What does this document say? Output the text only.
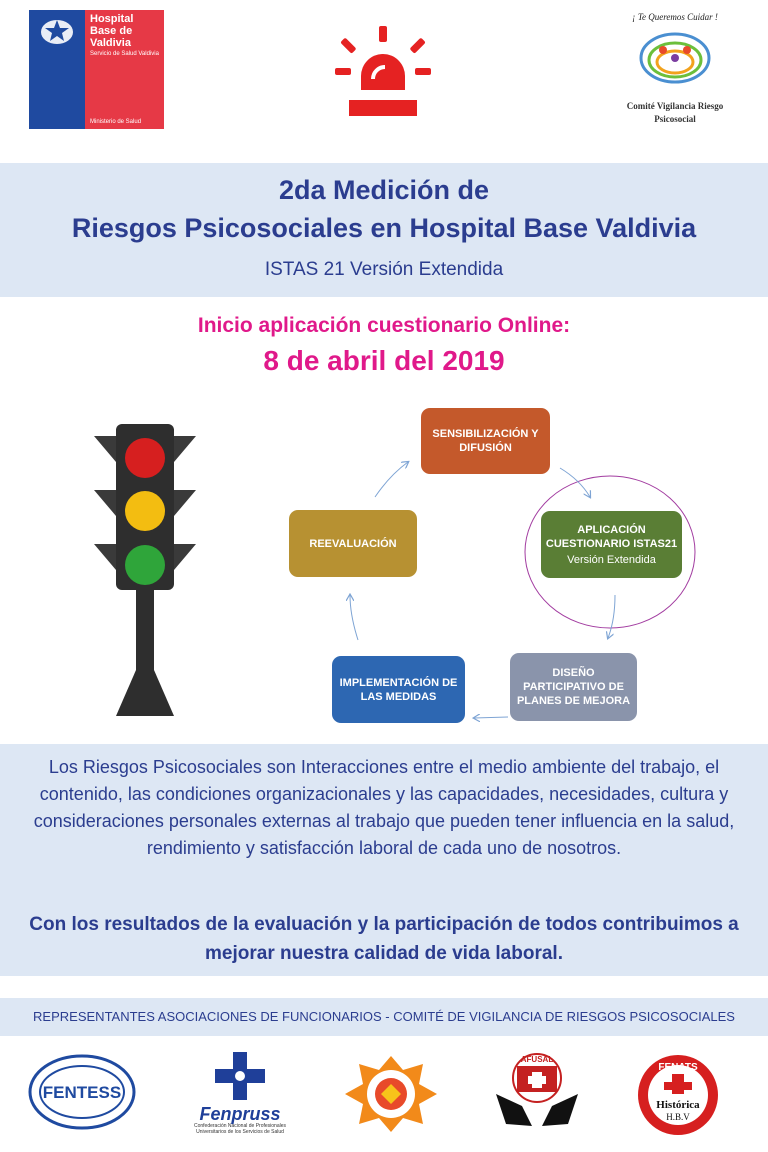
Hospital Base de Valdivia
Servicio de Salud Valdivia
Ministerio de Salud
¡ Te Queremos Cuidar !
Comité Vigilancia Riesgo Psicosocial
2da Medición de
Riesgos Psicosociales en Hospital Base Valdivia
ISTAS 21 Versión Extendida
Inicio aplicación cuestionario Online:
8 de abril del 2019
SENSIBILIZACIÓN Y DIFUSIÓN
APLICACIÓN CUESTIONARIO ISTAS21
Versión Extendida
DISEÑO PARTICIPATIVO DE PLANES DE MEJORA
IMPLEMENTACIÓN DE LAS MEDIDAS
REEVALUACIÓN
Los Riesgos Psicosociales son Interacciones entre el medio ambiente del trabajo, el contenido, las condiciones organizacionales y las capacidades, necesidades, cultura y consideraciones personales externas al trabajo que pueden tener influencia en la salud, rendimiento y satisfacción laboral de cada uno de nosotros.
Con los resultados de la evaluación y la participación de todos contribuimos a mejorar nuestra calidad de vida laboral.
REPRESENTANTES ASOCIACIONES DE FUNCIONARIOS - COMITÉ DE VIGILANCIA DE RIESGOS PSICOSOCIALES
FENTESS
Fenpruss
Confederación Nacional de Profesionales Universitarios de los Servicios de Salud
AFUSAL
FENATS
Histórica
H.B.V
